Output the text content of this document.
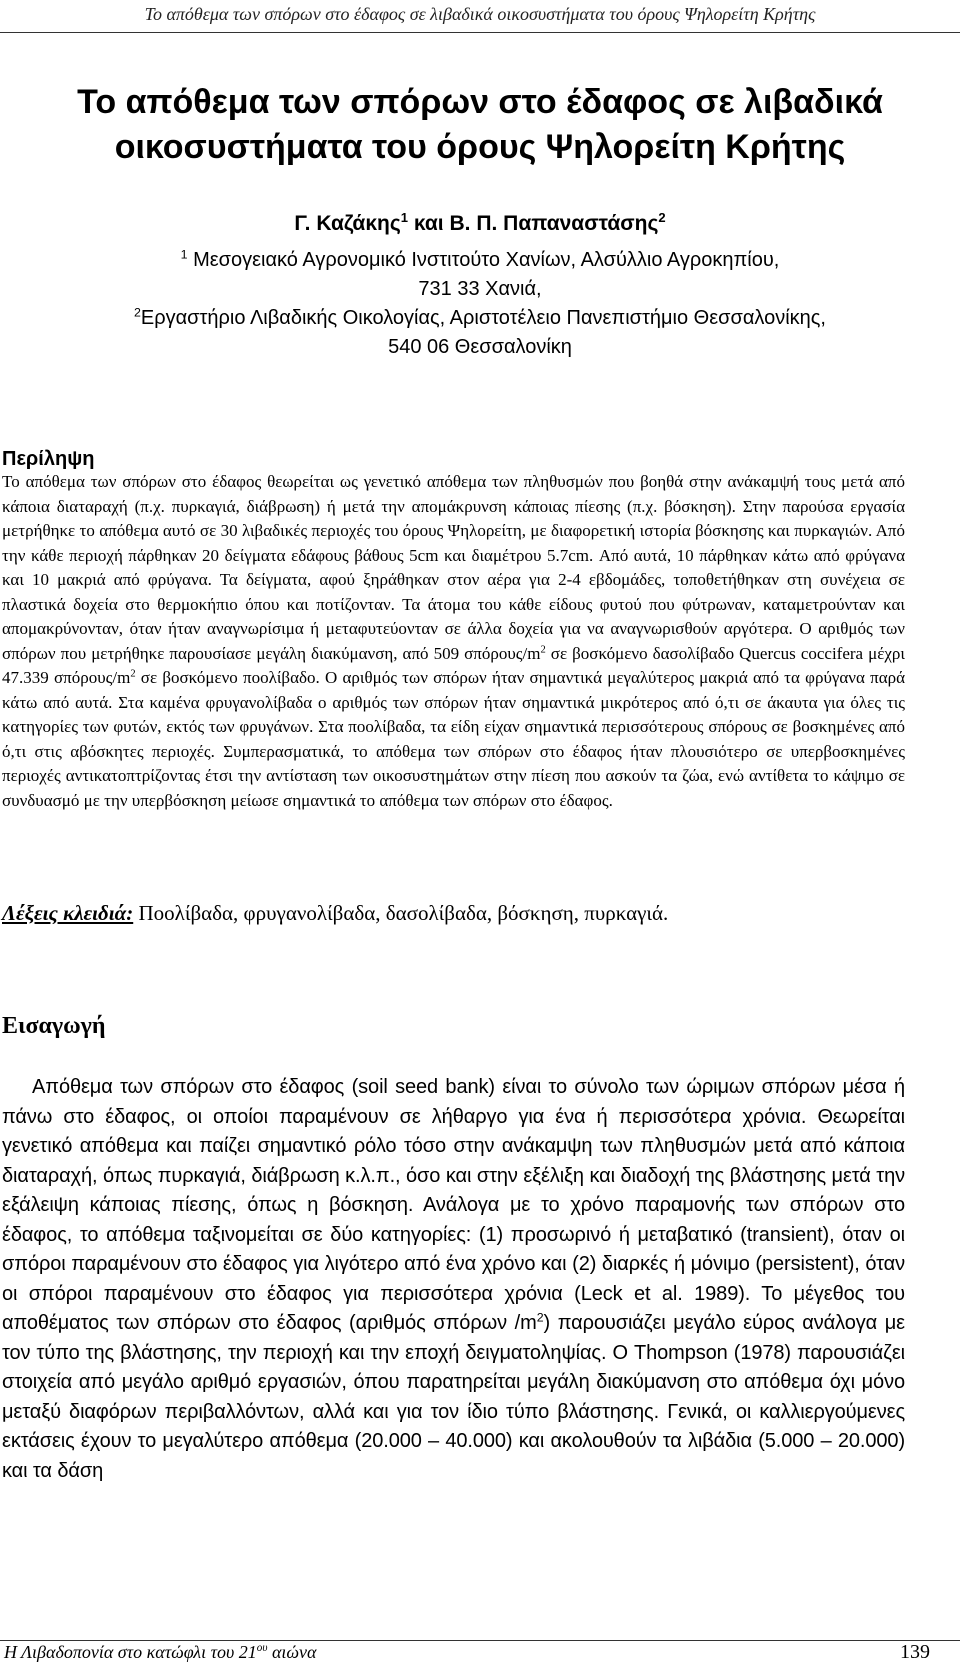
Το απόθεμα των σπόρων στο έδαφος σε λιβαδικά οικοσυστήματα του όρους Ψηλορείτη Κρήτης
Το απόθεμα των σπόρων στο έδαφος σε λιβαδικά οικοσυστήματα του όρους Ψηλορείτη Κρήτης
Γ. Καζάκης$^1$ και Β. Π. Παπαναστάσης$^2$
$^1$ Μεσογειακό Αγρονομικό Ινστιτούτο Χανίων, Αλσύλλιο Αγροκηπίου,
731 33 Χανιά,
$^2$Εργαστήριο Λιβαδικής Οικολογίας, Αριστοτέλειο Πανεπιστήμιο Θεσσαλονίκης,
540 06 Θεσσαλονίκη
Περίληψη

Το απόθεμα των σπόρων στο έδαφος θεωρείται ως γενετικό απόθεμα των πληθυσμών που βοηθά στην ανάκαμψή τους μετά από κάποια διαταραχή (π.χ. πυρκαγιά, διάβρωση) ή μετά την απομάκρυνση κάποιας πίεσης (π.χ. βόσκηση). Στην παρούσα εργασία μετρήθηκε το απόθεμα αυτό σε 30 λιβαδικές περιοχές του όρους Ψηλορείτη, με διαφορετική ιστορία βόσκησης και πυρκαγιών. Από την κάθε περιοχή πάρθηκαν 20 δείγματα εδάφους βάθους 5cm και διαμέτρου 5.7cm. Από αυτά, 10 πάρθηκαν κάτω από φρύγανα και 10 μακριά από φρύγανα. Τα δείγματα, αφού ξηράθηκαν στον αέρα για 2-4 εβδομάδες, τοποθετήθηκαν στη συνέχεια σε πλαστικά δοχεία στο θερμοκήπιο όπου και ποτίζονταν. Τα άτομα του κάθε είδους φυτού που φύτρωναν, καταμετρούνταν και απομακρύνονταν, όταν ήταν αναγνωρίσιμα ή μεταφυτεύονταν σε άλλα δοχεία για να αναγνωρισθούν αργότερα. Ο αριθμός των σπόρων που μετρήθηκε παρουσίασε μεγάλη διακύμανση, από 509 σπόρους/$m^2$ σε βοσκόμενο δασολίβαδο Quercus coccifera μέχρι 47.339 σπόρους/$m^2$ σε βοσκόμενο ποολίβαδο. Ο αριθμός των σπόρων ήταν σημαντικά μεγαλύτερος μακριά από τα φρύγανα παρά κάτω από αυτά. Στα καμένα φρυγανολίβαδα ο αριθμός των σπόρων ήταν σημαντικά μικρότερος από ό,τι σε άκαυτα για όλες τις κατηγορίες των φυτών, εκτός των φρυγάνων. Στα ποολίβαδα, τα είδη είχαν σημαντικά περισσότερους σπόρους σε βοσκημένες από ό,τι στις αβόσκητες περιοχές. Συμπερασματικά, το απόθεμα των σπόρων στο έδαφος ήταν πλουσιότερο σε υπερβοσκημένες περιοχές αντικατοπτρίζοντας έτσι την αντίσταση των οικοσυστημάτων στην πίεση που ασκούν τα ζώα, ενώ αντίθετα το κάψιμο σε συνδυασμό με την υπερβόσκηση μείωσε σημαντικά το απόθεμα των σπόρων στο έδαφος.

Λέξεις κλειδιά: Ποολίβαδα, φρυγανολίβαδα, δασολίβαδα, βόσκηση, πυρκαγιά.

Εισαγωγή

Απόθεμα των σπόρων στο έδαφος (soil seed bank) είναι το σύνολο των ώριμων σπόρων μέσα ή πάνω στο έδαφος, οι οποίοι παραμένουν σε λήθαργο για ένα ή περισσότερα χρόνια. Θεωρείται γενετικό απόθεμα και παίζει σημαντικό ρόλο τόσο στην ανάκαμψη των πληθυσμών μετά από κάποια διαταραχή, όπως πυρκαγιά, διάβρωση κ.λ.π., όσο και στην εξέλιξη και διαδοχή της βλάστησης μετά την εξάλειψη κάποιας πίεσης, όπως η βόσκηση. Ανάλογα με το χρόνο παραμονής των σπόρων στο έδαφος, το απόθεμα ταξινομείται σε δύο κατηγορίες: (1) προσωρινό ή μεταβατικό (transient), όταν οι σπόροι παραμένουν στο έδαφος για λιγότερο από ένα χρόνο και (2) διαρκές ή μόνιμο (persistent), όταν οι σπόροι παραμένουν στο έδαφος για περισσότερα χρόνια (Leck et al. 1989). Το μέγεθος του αποθέματος των σπόρων στο έδαφος (αριθμός σπόρων $/m^2$) παρουσιάζει μεγάλο εύρος ανάλογα με τον τύπο της βλάστησης, την περιοχή και την εποχή δειγματοληψίας. Ο Thompson (1978) παρουσιάζει στοιχεία από μεγάλο αριθμό εργασιών, όπου παρατηρείται μεγάλη διακύμανση στο απόθεμα όχι μόνο μεταξύ διαφόρων περιβαλλόντων, αλλά και για τον ίδιο τύπο βλάστησης. Γενικά, οι καλλιεργούμενες εκτάσεις έχουν το μεγαλύτερο απόθεμα (20.000 – 40.000) και ακολουθούν τα λιβάδια (5.000 – 20.000) και τα δάση

Η Λιβαδοπονία στο κατώφλι του $21^{o\upsilon}$ αιώνα	139
